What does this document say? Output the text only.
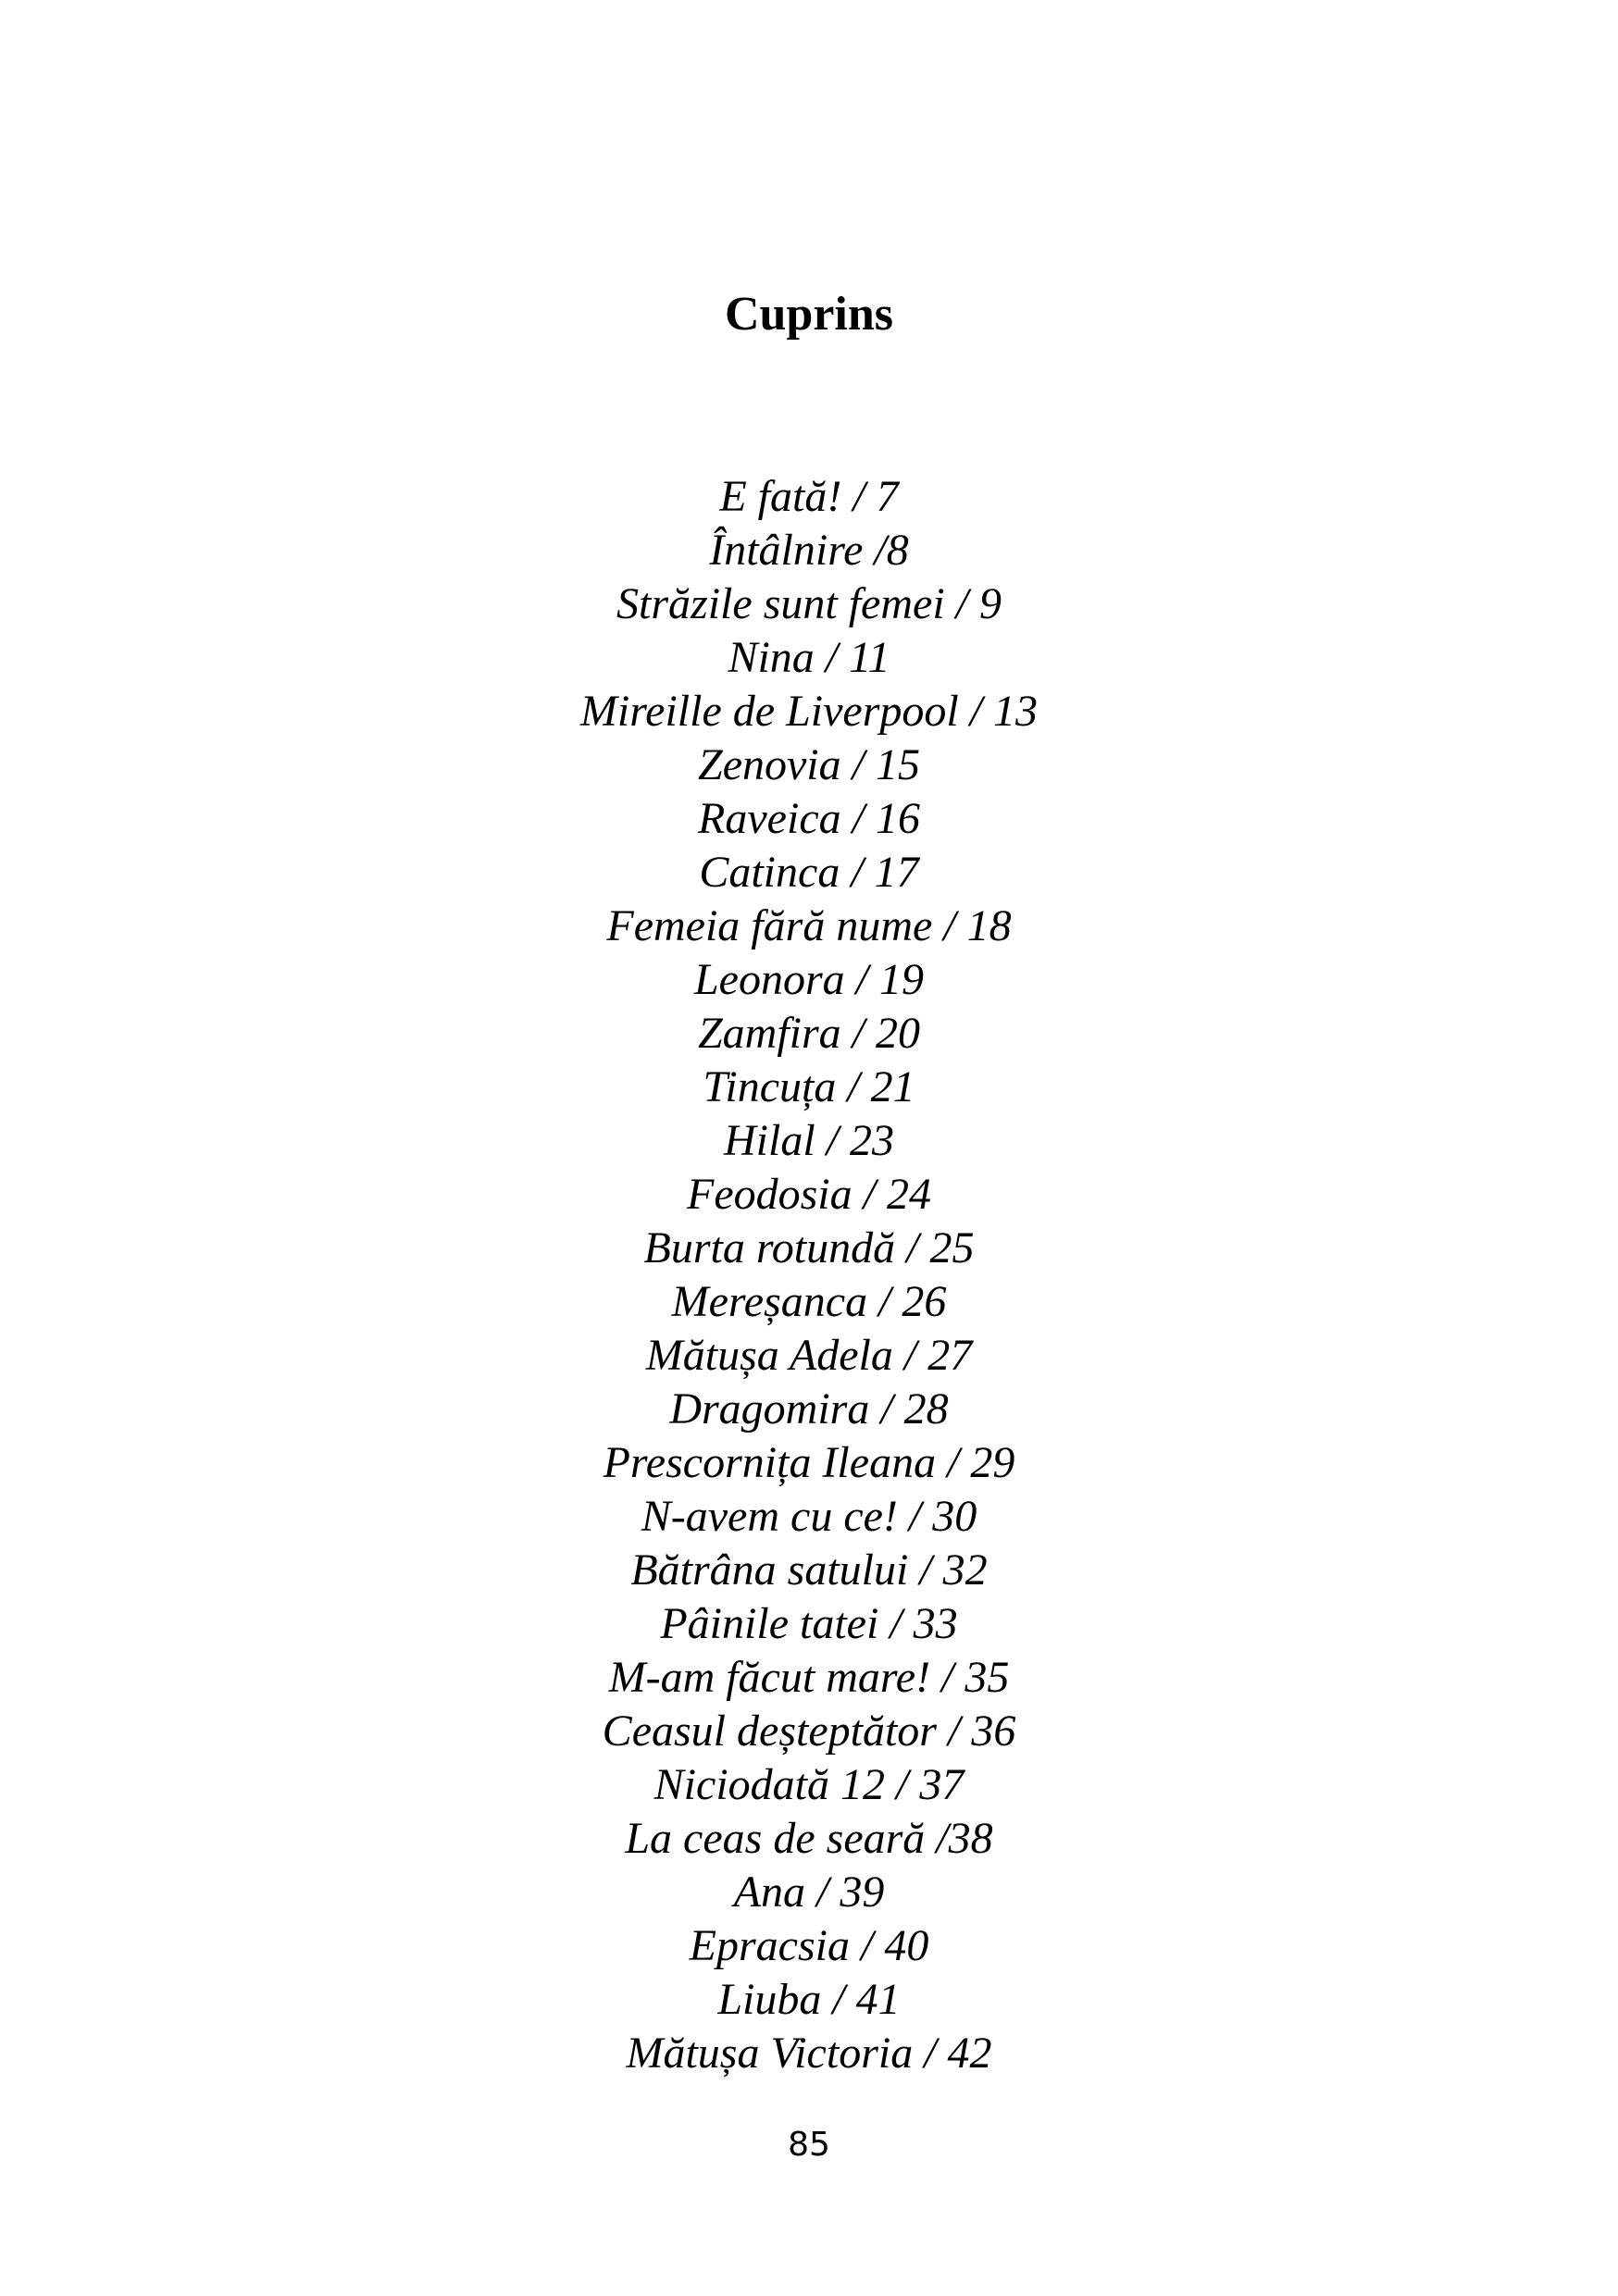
Cuprins
E fată! / 7
Întâlnire /8
Străzile sunt femei / 9
Nina / 11
Mireille de Liverpool / 13
Zenovia / 15
Raveica / 16
Catinca / 17
Femeia fără nume / 18
Leonora / 19
Zamfira / 20
Tincuța / 21
Hilal / 23
Feodosia / 24
Burta rotundă / 25
Mereșanca / 26
Mătușa Adela / 27
Dragomira / 28
Prescornița Ileana / 29
N-avem cu ce! / 30
Bătrâna satului / 32
Pâinile tatei / 33
M-am făcut mare! / 35
Ceasul deșteptător / 36
Niciodată 12 / 37
La ceas de seară /38
Ana / 39
Epracsia / 40
Liuba / 41
Mătușa Victoria / 42
85
